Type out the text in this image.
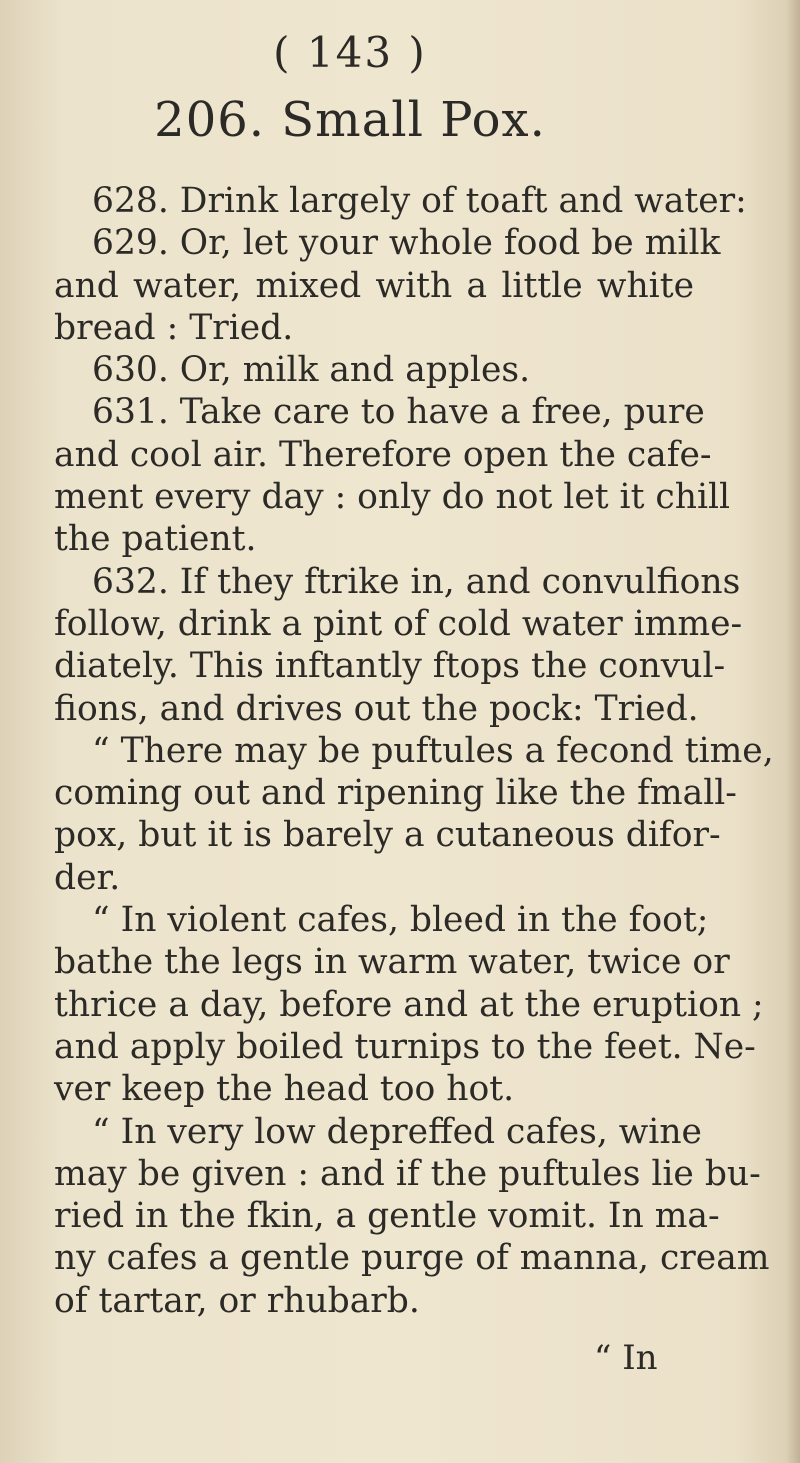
( 143 )
206. Small Pox.
628. Drink largely of toaft and water:
629. Or, let your whole food be milk
and water, mixed with a little white
bread : Tried.
630. Or, milk and apples.
631. Take care to have a free, pure
and cool air. Therefore open the cafe-
ment every day : only do not let it chill
the patient.
632. If they ftrike in, and convulfions
follow, drink a pint of cold water imme-
diately. This inftantly ftops the convul-
fions, and drives out the pock: Tried.
“ There may be puftules a fecond time,
coming out and ripening like the fmall-
pox, but it is barely a cutaneous difor-
der.
“ In violent cafes, bleed in the foot;
bathe the legs in warm water, twice or
thrice a day, before and at the eruption ;
and apply boiled turnips to the feet. Ne-
ver keep the head too hot.
“ In very low depreffed cafes, wine
may be given : and if the puftules lie bu-
ried in the fkin, a gentle vomit. In ma-
ny cafes a gentle purge of manna, cream
of tartar, or rhubarb.
“ In
